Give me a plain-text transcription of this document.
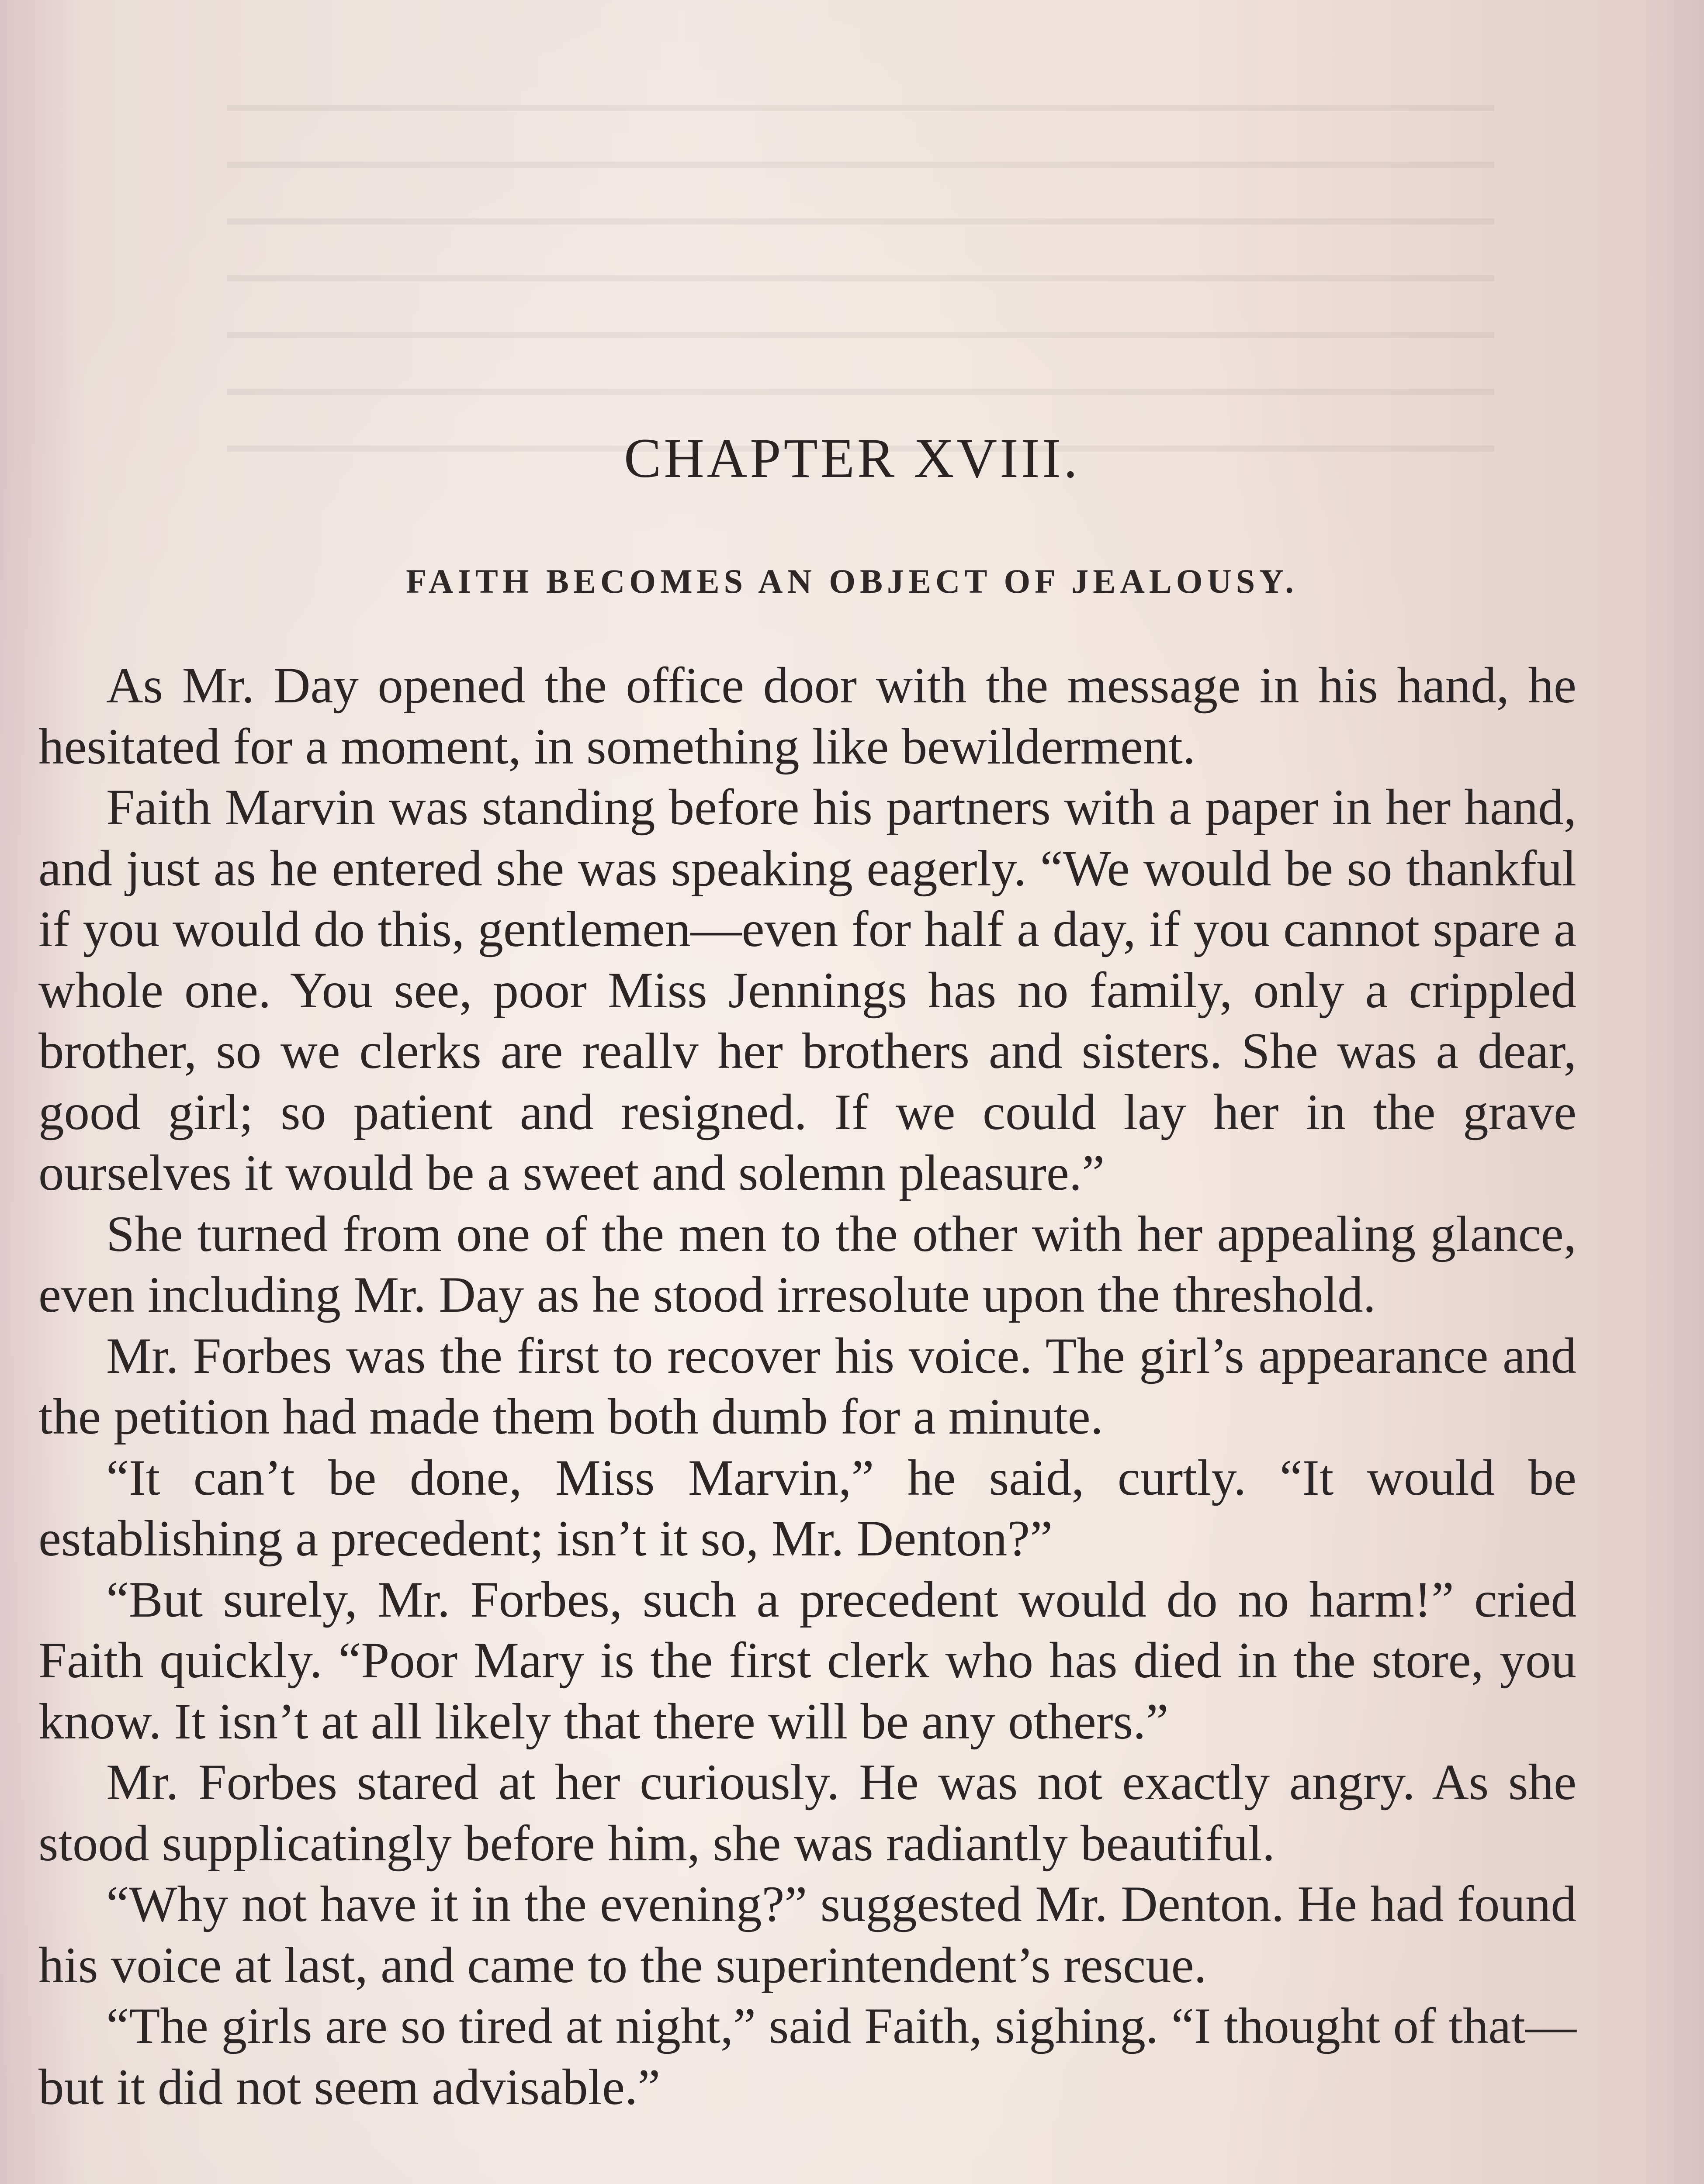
CHAPTER XVIII.
FAITH BECOMES AN OBJECT OF JEALOUSY.

As Mr. Day opened the office door with the message in his hand, he hesitated for a moment, in something like bewilderment.

Faith Marvin was standing before his partners with a paper in her hand, and just as he entered she was speaking eagerly. “We would be so thankful if you would do this, gentlemen—even for half a day, if you cannot spare a whole one. You see, poor Miss Jennings has no family, only a crippled brother, so we clerks are reallv her brothers and sisters. She was a dear, good girl; so patient and resigned. If we could lay her in the grave ourselves it would be a sweet and solemn pleasure.”

She turned from one of the men to the other with her appealing glance, even including Mr. Day as he stood irresolute upon the threshold.

Mr. Forbes was the first to recover his voice. The girl’s appearance and the petition had made them both dumb for a minute.

“It can’t be done, Miss Marvin,” he said, curtly. “It would be establishing a precedent; isn’t it so, Mr. Denton?”

“But surely, Mr. Forbes, such a precedent would do no harm!” cried Faith quickly. “Poor Mary is the first clerk who has died in the store, you know. It isn’t at all likely that there will be any others.”

Mr. Forbes stared at her curiously. He was not exactly angry. As she stood supplicatingly before him, she was radiantly beautiful.

“Why not have it in the evening?” suggested Mr. Denton. He had found his voice at last, and came to the superintendent’s rescue.

“The girls are so tired at night,” said Faith, sighing. “I thought of that—but it did not seem advisable.”
